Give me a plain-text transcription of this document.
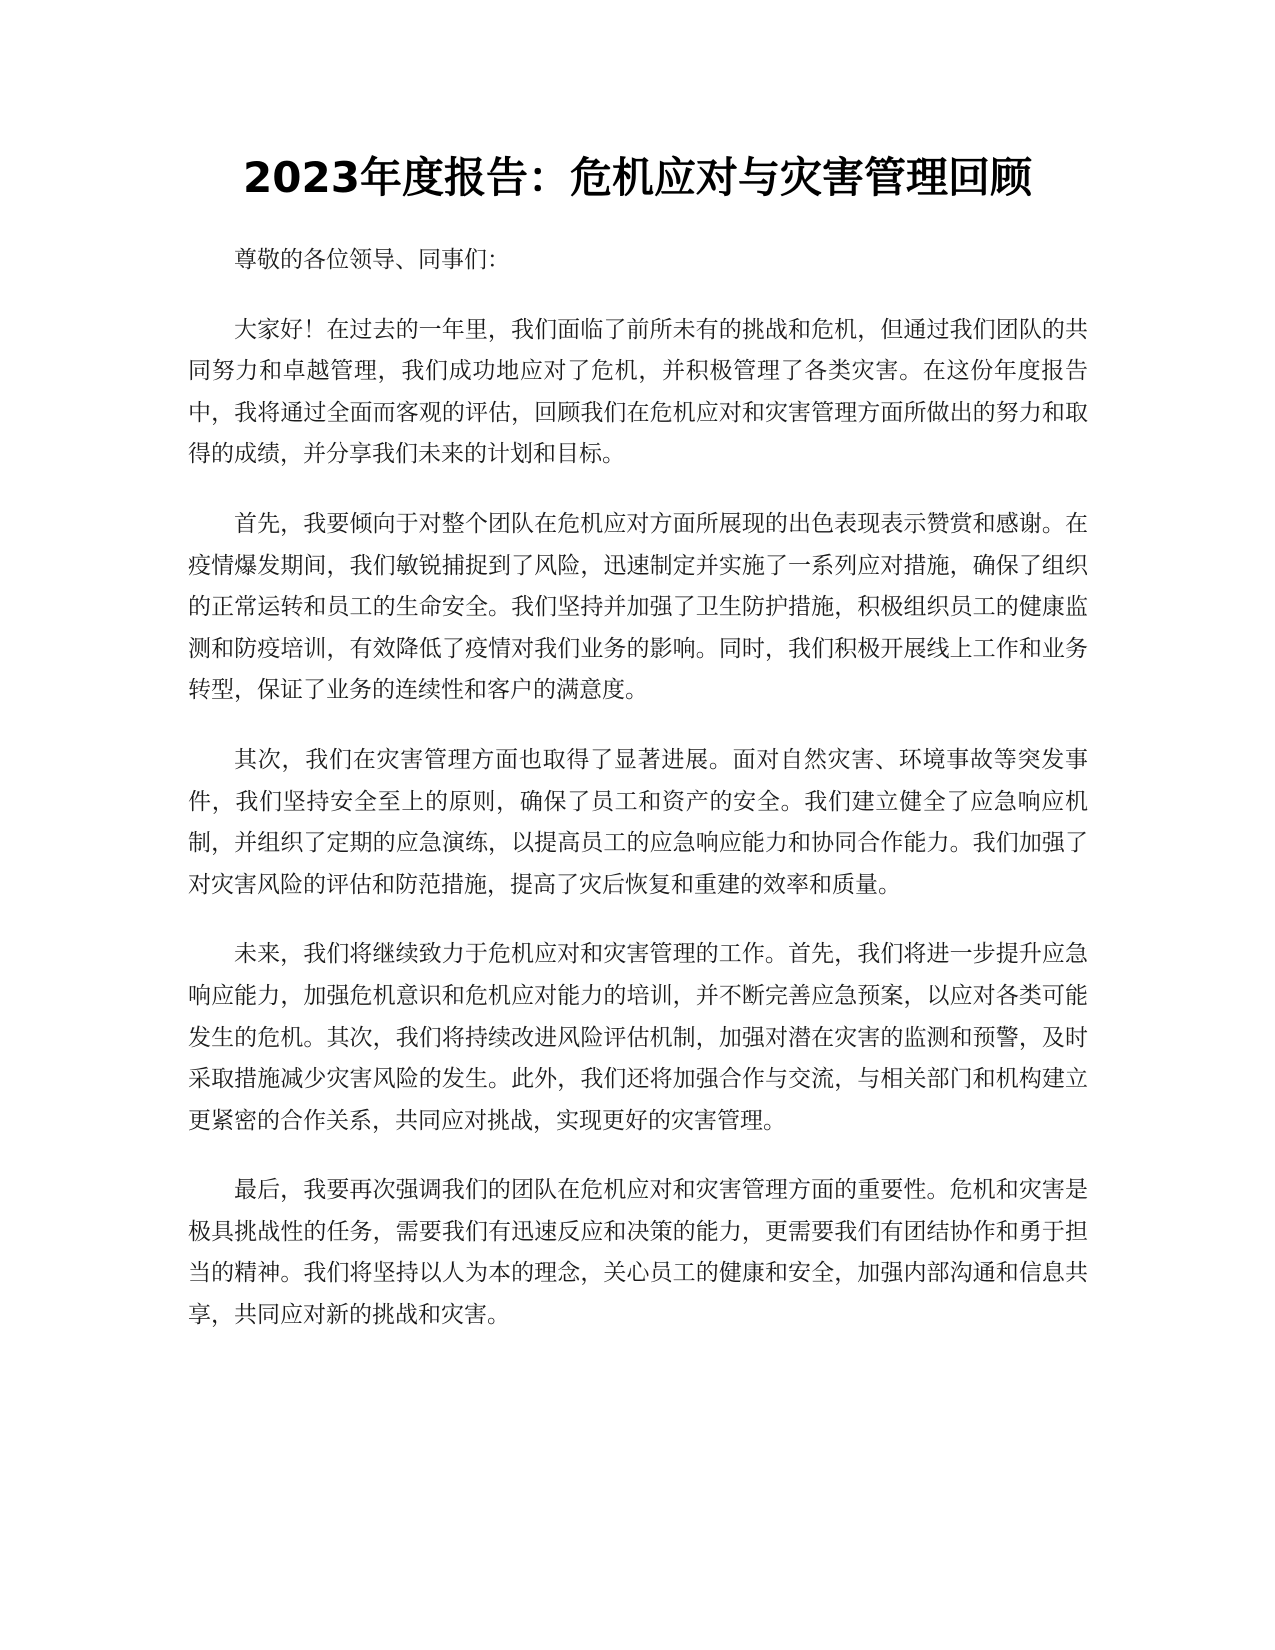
2023年度报告：危机应对与灾害管理回顾

尊敬的各位领导、同事们：

大家好！在过去的一年里，我们面临了前所未有的挑战和危机，但通过我们团队的共同努力和卓越管理，我们成功地应对了危机，并积极管理了各类灾害。在这份年度报告中，我将通过全面而客观的评估，回顾我们在危机应对和灾害管理方面所做出的努力和取得的成绩，并分享我们未来的计划和目标。

首先，我要倾向于对整个团队在危机应对方面所展现的出色表现表示赞赏和感谢。在疫情爆发期间，我们敏锐捕捉到了风险，迅速制定并实施了一系列应对措施，确保了组织的正常运转和员工的生命安全。我们坚持并加强了卫生防护措施，积极组织员工的健康监测和防疫培训，有效降低了疫情对我们业务的影响。同时，我们积极开展线上工作和业务转型，保证了业务的连续性和客户的满意度。

其次，我们在灾害管理方面也取得了显著进展。面对自然灾害、环境事故等突发事件，我们坚持安全至上的原则，确保了员工和资产的安全。我们建立健全了应急响应机制，并组织了定期的应急演练，以提高员工的应急响应能力和协同合作能力。我们加强了对灾害风险的评估和防范措施，提高了灾后恢复和重建的效率和质量。

未来，我们将继续致力于危机应对和灾害管理的工作。首先，我们将进一步提升应急响应能力，加强危机意识和危机应对能力的培训，并不断完善应急预案，以应对各类可能发生的危机。其次，我们将持续改进风险评估机制，加强对潜在灾害的监测和预警，及时采取措施减少灾害风险的发生。此外，我们还将加强合作与交流，与相关部门和机构建立更紧密的合作关系，共同应对挑战，实现更好的灾害管理。

最后，我要再次强调我们的团队在危机应对和灾害管理方面的重要性。危机和灾害是极具挑战性的任务，需要我们有迅速反应和决策的能力，更需要我们有团结协作和勇于担当的精神。我们将坚持以人为本的理念，关心员工的健康和安全，加强内部沟通和信息共享，共同应对新的挑战和灾害。
